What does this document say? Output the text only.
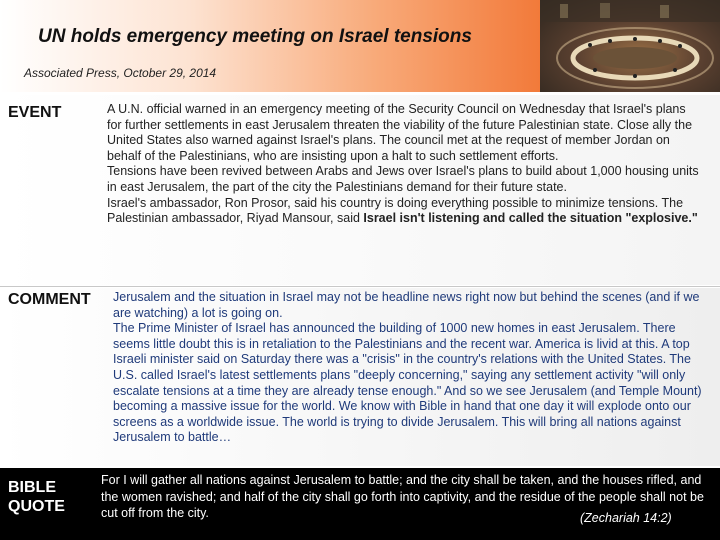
UN holds emergency meeting on Israel tensions
Associated Press, October 29, 2014
EVENT	A U.N. official warned in an emergency meeting of the Security Council on Wednesday that Israel's plans for further settlements in east Jerusalem threaten the viability of the future Palestinian state. Close ally the United States also warned against Israel's plans. The council met at the request of member Jordan on behalf of the Palestinians, who are insisting upon a halt to such settlement efforts.
Tensions have been revived between Arabs and Jews over Israel's plans to build about 1,000 housing units in east Jerusalem, the part of the city the Palestinians demand for their future state.
Israel's ambassador, Ron Prosor, said his country is doing everything possible to minimize tensions. The Palestinian ambassador, Riyad Mansour, said Israel isn't listening and called the situation "explosive."

COMMENT Jerusalem and the situation in Israel may not be headline news right now but behind the scenes (and if we are watching) a lot is going on.
The Prime Minister of Israel has announced the building of 1000 new homes in east Jerusalem. There seems little doubt this is in retaliation to the Palestinians and the recent war. America is livid at this. A top Israeli minister said on Saturday there was a "crisis" in the country's relations with the United States. The U.S. called Israel's latest settlements plans "deeply concerning," saying any settlement activity "will only escalate tensions at a time they are already tense enough." And so we see Jerusalem (and Temple Mount) becoming a massive issue for the world. We know with Bible in hand that one day it will explode onto our screens as a worldwide issue. The world is trying to divide Jerusalem. This will bring all nations against Jerusalem to battle…

BIBLE
QUOTE

For I will gather all nations against Jerusalem to battle; and the city shall be taken, and the houses rifled, and the women ravished; and half of the city shall go forth into captivity, and the residue of the people shall not be cut off from the city.	(Zechariah 14:2)
